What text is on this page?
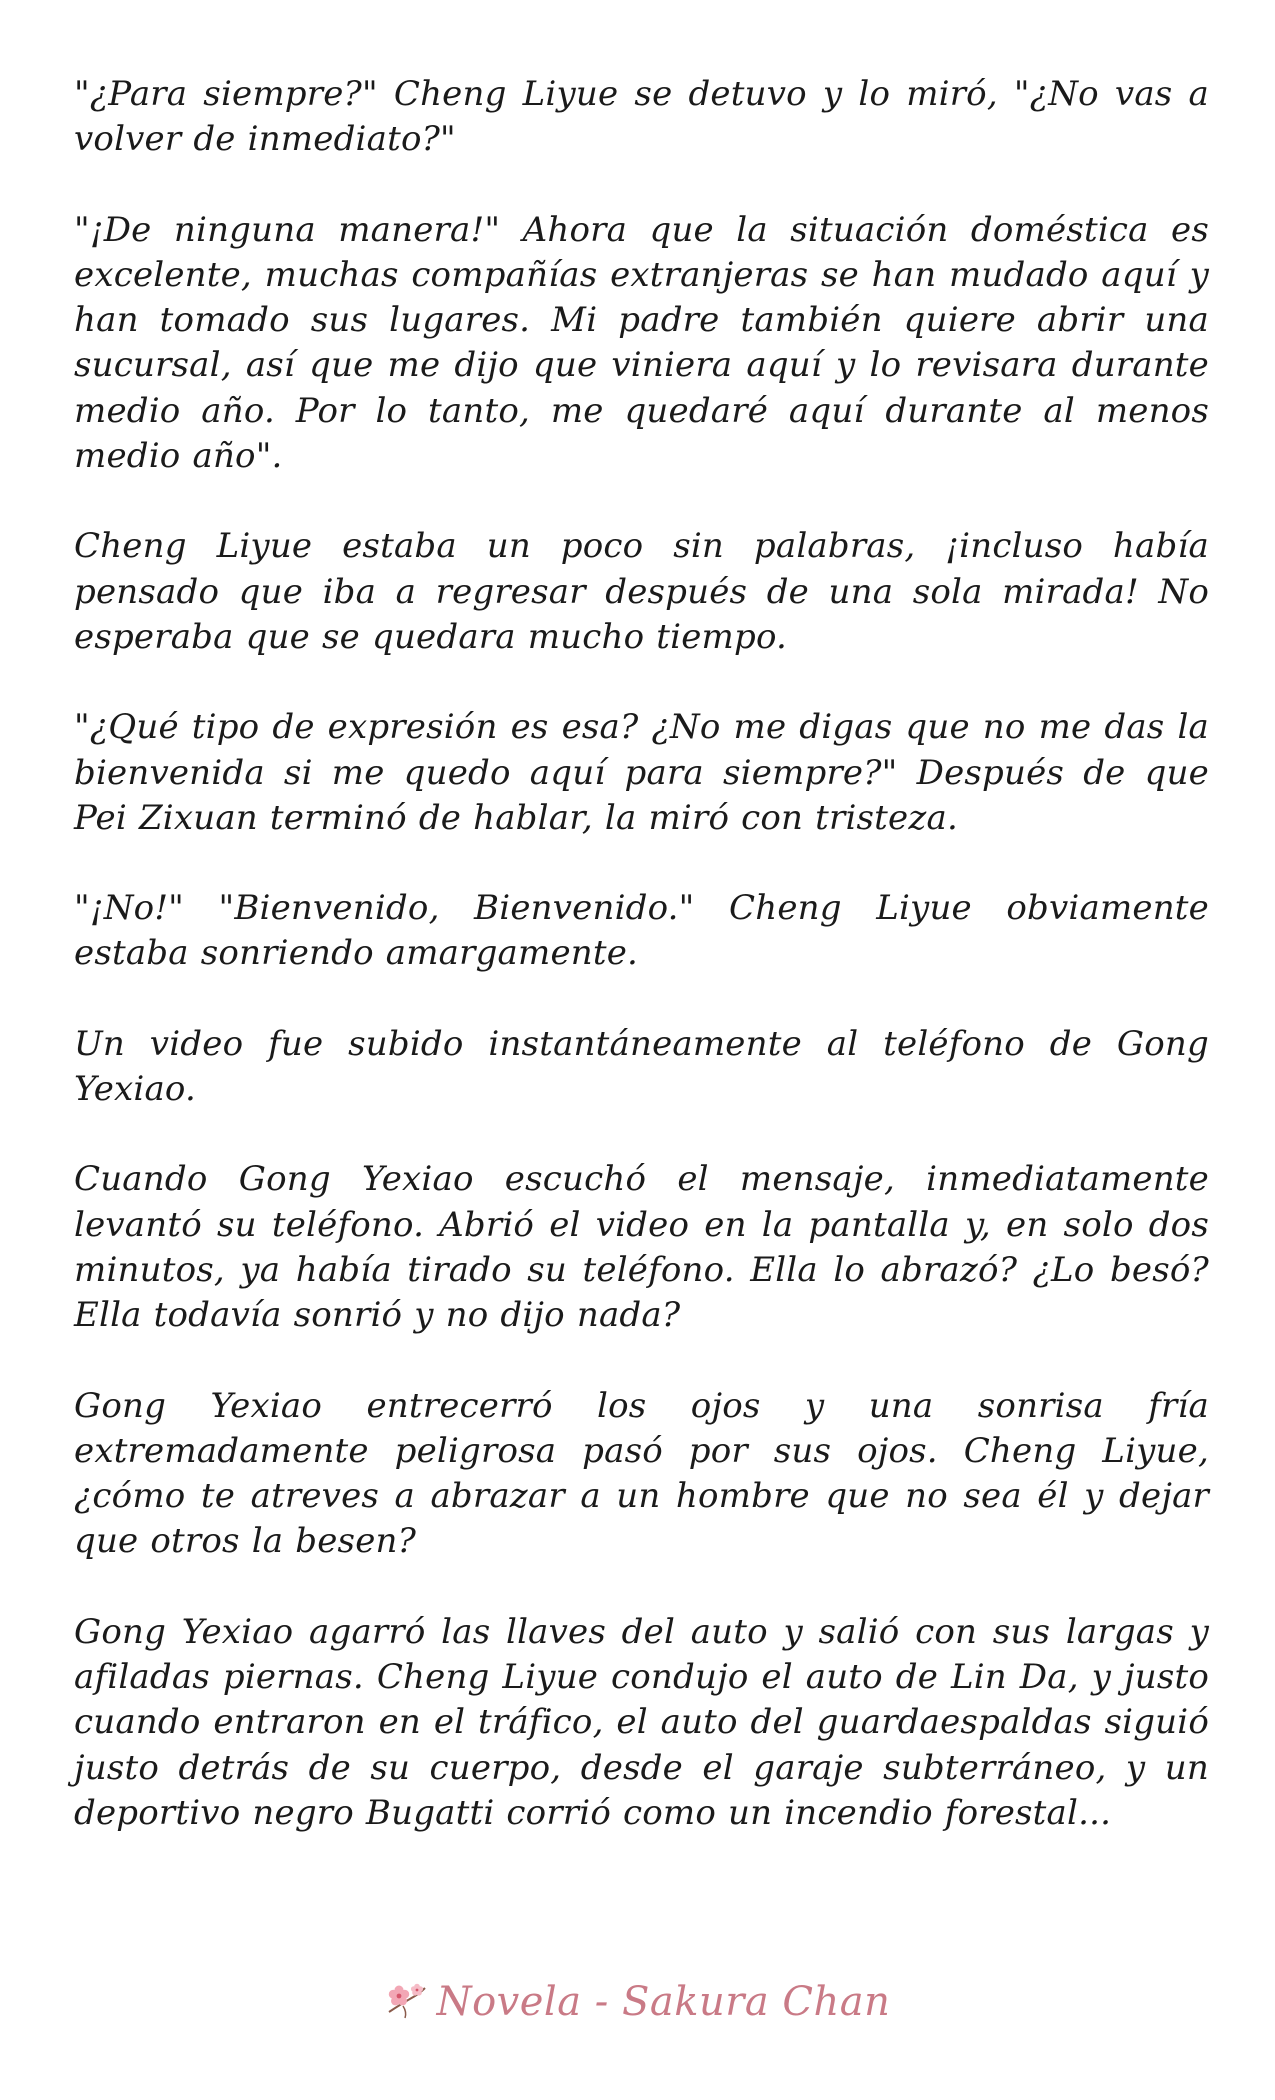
"¿Para siempre?" Cheng Liyue se detuvo y lo miró, "¿No vas a volver de inmediato?"

"¡De ninguna manera!" Ahora que la situación doméstica es excelente, muchas compañías extranjeras se han mudado aquí y han tomado sus lugares. Mi padre también quiere abrir una sucursal, así que me dijo que viniera aquí y lo revisara durante medio año. Por lo tanto, me quedaré aquí durante al menos medio año".

Cheng Liyue estaba un poco sin palabras, ¡incluso había pensado que iba a regresar después de una sola mirada! No esperaba que se quedara mucho tiempo.

"¿Qué tipo de expresión es esa? ¿No me digas que no me das la bienvenida si me quedo aquí para siempre?" Después de que Pei Zixuan terminó de hablar, la miró con tristeza.

"¡No!" "Bienvenido, Bienvenido." Cheng Liyue obviamente estaba sonriendo amargamente.

Un video fue subido instantáneamente al teléfono de Gong Yexiao.

Cuando Gong Yexiao escuchó el mensaje, inmediatamente levantó su teléfono. Abrió el video en la pantalla y, en solo dos minutos, ya había tirado su teléfono. Ella lo abrazó? ¿Lo besó? Ella todavía sonrió y no dijo nada?

Gong Yexiao entrecerró los ojos y una sonrisa fría extremadamente peligrosa pasó por sus ojos. Cheng Liyue, ¿cómo te atreves a abrazar a un hombre que no sea él y dejar que otros la besen?

Gong Yexiao agarró las llaves del auto y salió con sus largas y afiladas piernas. Cheng Liyue condujo el auto de Lin Da, y justo cuando entraron en el tráfico, el auto del guardaespaldas siguió justo detrás de su cuerpo, desde el garaje subterráneo, y un deportivo negro Bugatti corrió como un incendio forestal...

Novela - Sakura Chan
